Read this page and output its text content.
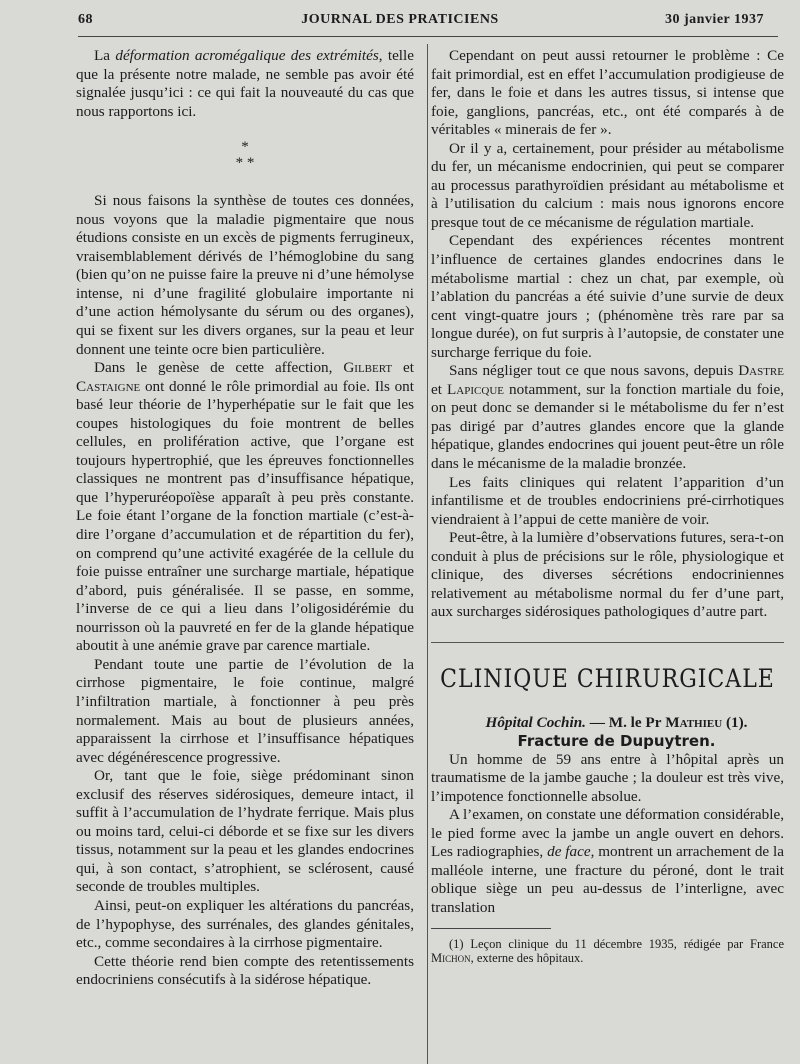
68	JOURNAL DES PRATICIENS	30 janvier 1937

La déformation acromégalique des extrémités, telle que la présente notre malade, ne semble pas avoir été signalée jusqu’ici : ce qui fait la nouveauté du cas que nous rapportons ici.

*
* *

Si nous faisons la synthèse de toutes ces données, nous voyons que la maladie pigmentaire que nous étudions consiste en un excès de pigments ferrugineux, vraisemblablement dérivés de l’hémoglobine du sang (bien qu’on ne puisse faire la preuve ni d’une hémolyse intense, ni d’une fragilité globulaire importante ni d’une action hémolysante du sérum ou des organes), qui se fixent sur les divers organes, sur la peau et leur donnent une teinte ocre bien particulière.

Dans le genèse de cette affection, Gilbert et Castaigne ont donné le rôle primordial au foie. Ils ont basé leur théorie de l’hyperhépatie sur le fait que les coupes histologiques du foie montrent de belles cellules, en prolifération active, que l’organe est toujours hypertrophié, que les épreuves fonctionnelles classiques ne montrent pas d’insuffisance hépatique, que l’hyperuréopoïèse apparaît à peu près constante. Le foie étant l’organe de la fonction martiale (c’est-à-dire l’organe d’accumulation et de répartition du fer), on comprend qu’une activité exagérée de la cellule du foie puisse entraîner une surcharge martiale, hépatique d’abord, puis généralisée. Il se passe, en somme, l’inverse de ce qui a lieu dans l’oligosidérémie du nourrisson où la pauvreté en fer de la glande hépatique aboutit à une anémie grave par carence martiale.

Pendant toute une partie de l’évolution de la cirrhose pigmentaire, le foie continue, malgré l’infiltration martiale, à fonctionner à peu près normalement. Mais au bout de plusieurs années, apparaissent la cirrhose et l’insuffisance hépatiques avec dégénérescence progressive.

Or, tant que le foie, siège prédominant sinon exclusif des réserves sidérosiques, demeure intact, il suffit à l’accumulation de l’hydrate ferrique. Mais plus ou moins tard, celui-ci déborde et se fixe sur les divers tissus, notamment sur la peau et les glandes endocrines qui, à son contact, s’atrophient, se sclérosent, causé seconde de troubles multiples.

Ainsi, peut-on expliquer les altérations du pancréas, de l’hypophyse, des surrénales, des glandes génitales, etc., comme secondaires à la cirrhose pigmentaire.

Cette théorie rend bien compte des retentissements endocriniens consécutifs à la sidérose hépatique.

Cependant on peut aussi retourner le problème : Ce fait primordial, est en effet l’accumulation prodigieuse de fer, dans le foie et dans les autres tissus, si intense que foie, ganglions, pancréas, etc., ont été comparés à de véritables « minerais de fer ».

Or il y a, certainement, pour présider au métabolisme du fer, un mécanisme endocrinien, qui peut se comparer au processus parathyroïdien présidant au métabolisme et à l’utilisation du calcium : mais nous ignorons encore presque tout de ce mécanisme de régulation martiale.

Cependant des expériences récentes montrent l’influence de certaines glandes endocrines dans le métabolisme martial : chez un chat, par exemple, où l’ablation du pancréas a été suivie d’une survie de deux cent vingt-quatre jours ; (phénomène très rare par sa longue durée), on fut surpris à l’autopsie, de constater une surcharge ferrique du foie.

Sans négliger tout ce que nous savons, depuis Dastre et Lapicque notamment, sur la fonction martiale du foie, on peut donc se demander si le métabolisme du fer n’est pas dirigé par d’autres glandes encore que la glande hépatique, glandes endocrines qui jouent peut-être un rôle dans le mécanisme de la maladie bronzée.

Les faits cliniques qui relatent l’apparition d’un infantilisme et de troubles endocriniens pré-cirrhotiques viendraient à l’appui de cette manière de voir.

Peut-être, à la lumière d’observations futures, sera-t-on conduit à plus de précisions sur le rôle, physiologique et clinique, des diverses sécrétions endocriniennes relativement au métabolisme normal du fer d’une part, aux surcharges sidérosiques pathologiques d’autre part.

CLINIQUE CHIRURGICALE

Hôpital Cochin. — M. le Pr Mathieu (1).

Fracture de Dupuytren.

Un homme de 59 ans entre à l’hôpital après un traumatisme de la jambe gauche ; la douleur est très vive, l’impotence fonctionnelle absolue.

A l’examen, on constate une déformation considérable, le pied forme avec la jambe un angle ouvert en dehors. Les radiographies, de face, montrent un arrachement de la malléole interne, une fracture du péroné, dont le trait oblique siège un peu au-dessus de l’interligne, avec translation

(1) Leçon clinique du 11 décembre 1935, rédigée par France Michon, externe des hôpitaux.
